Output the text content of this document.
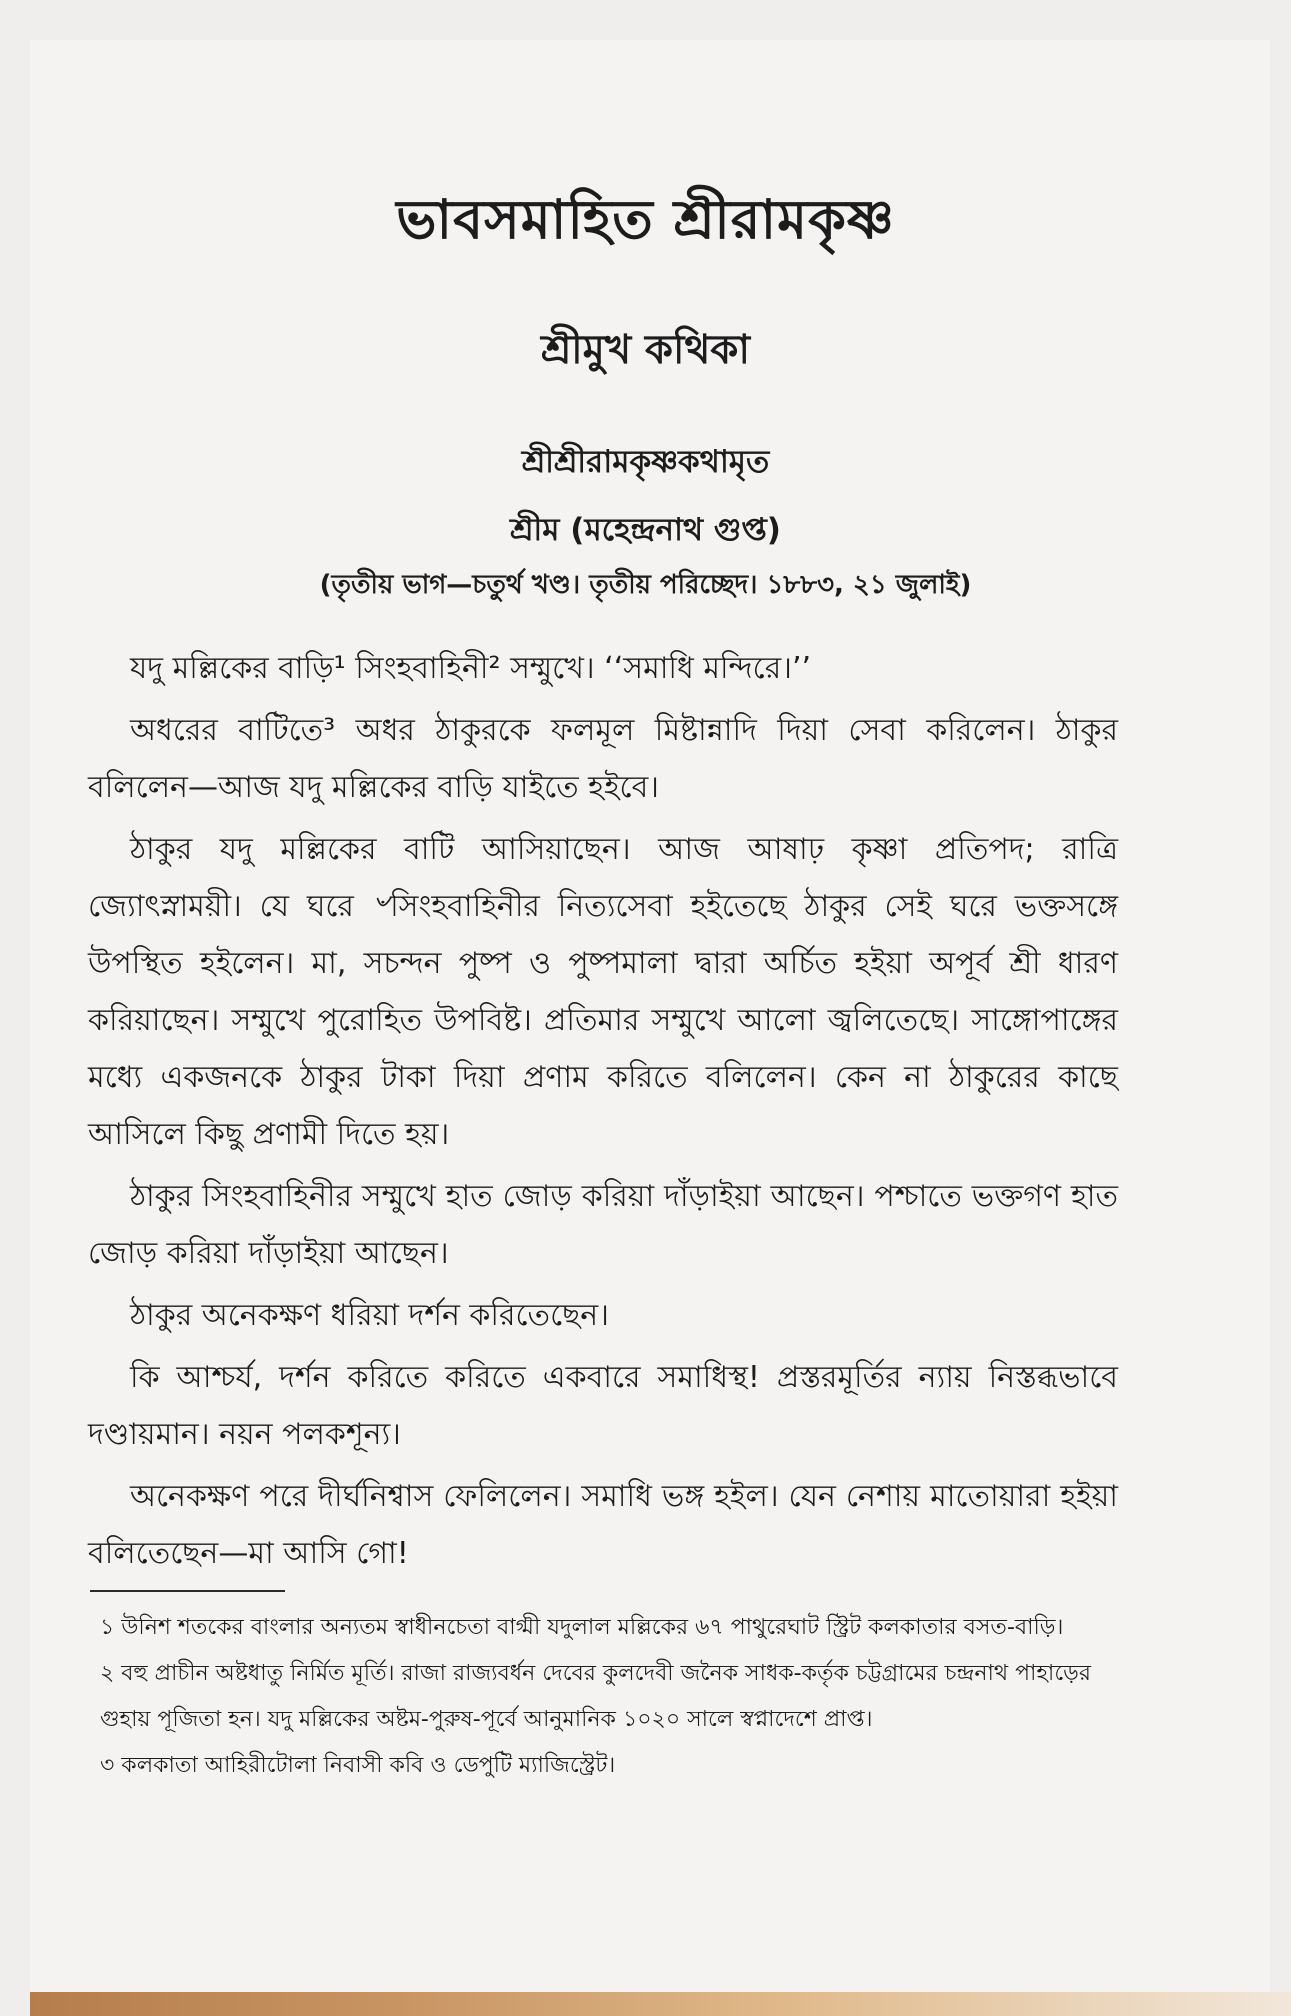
ভাবসমাহিত শ্রীরামকৃষ্ণ
শ্রীমুখ কথিকা
শ্রীশ্রীরামকৃষ্ণকথামৃত
শ্রীম (মহেন্দ্রনাথ গুপ্ত)
(তৃতীয় ভাগ—চতুর্থ খণ্ড। তৃতীয় পরিচ্ছেদ। ১৮৮৩, ২১ জুলাই)

যদু মল্লিকের বাড়ি¹ সিংহবাহিনী² সম্মুখে। ‘‘সমাধি মন্দিরে।’’

অধরের বাটিতে³ অধর ঠাকুরকে ফলমূল মিষ্টান্নাদি দিয়া সেবা করিলেন। ঠাকুর বলিলেন—আজ যদু মল্লিকের বাড়ি যাইতে হইবে।

ঠাকুর যদু মল্লিকের বাটি আসিয়াছেন। আজ আষাঢ় কৃষ্ণা প্রতিপদ; রাত্রি জ্যোৎস্নাময়ী। যে ঘরে ৺সিংহবাহিনীর নিত্যসেবা হইতেছে ঠাকুর সেই ঘরে ভক্তসঙ্গে উপস্থিত হইলেন। মা, সচন্দন পুষ্প ও পুষ্পমালা দ্বারা অর্চিত হইয়া অপূর্ব শ্রী ধারণ করিয়াছেন। সম্মুখে পুরোহিত উপবিষ্ট। প্রতিমার সম্মুখে আলো জ্বলিতেছে। সাঙ্গোপাঙ্গের মধ্যে একজনকে ঠাকুর টাকা দিয়া প্রণাম করিতে বলিলেন। কেন না ঠাকুরের কাছে আসিলে কিছু প্রণামী দিতে হয়।

ঠাকুর সিংহবাহিনীর সম্মুখে হাত জোড় করিয়া দাঁড়াইয়া আছেন। পশ্চাতে ভক্তগণ হাত জোড় করিয়া দাঁড়াইয়া আছেন।

ঠাকুর অনেকক্ষণ ধরিয়া দর্শন করিতেছেন।

কি আশ্চর্য, দর্শন করিতে করিতে একবারে সমাধিস্থ! প্রস্তরমূর্তির ন্যায় নিস্তব্ধভাবে দণ্ডায়মান। নয়ন পলকশূন্য।

অনেকক্ষণ পরে দীর্ঘনিশ্বাস ফেলিলেন। সমাধি ভঙ্গ হইল। যেন নেশায় মাতোয়ারা হইয়া বলিতেছেন—মা আসি গো!

১ উনিশ শতকের বাংলার অন্যতম স্বাধীনচেতা বাগ্মী যদুলাল মল্লিকের ৬৭ পাথুরেঘাট স্ট্রিট কলকাতার বসত-বাড়ি।

২ বহু প্রাচীন অষ্টধাতু নির্মিত মূর্তি। রাজা রাজ্যবর্ধন দেবের কুলদেবী জনৈক সাধক-কর্তৃক চট্টগ্রামের চন্দ্রনাথ পাহাড়ের গুহায় পূজিতা হন। যদু মল্লিকের অষ্টম-পুরুষ-পূর্বে আনুমানিক ১০২০ সালে স্বপ্নাদেশে প্রাপ্ত।

৩ কলকাতা আহিরীটোলা নিবাসী কবি ও ডেপুটি ম্যাজিস্ট্রেট।
